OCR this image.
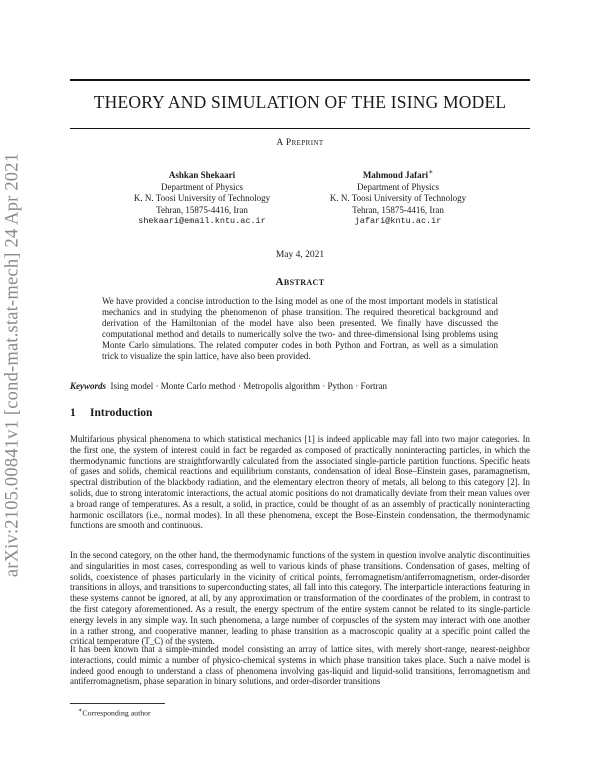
arXiv:2105.00841v1 [cond-mat.stat-mech] 24 Apr 2021
THEORY AND SIMULATION OF THE ISING MODEL
A Preprint
Ashkan Shekaari
Department of Physics
K. N. Toosi University of Technology
Tehran, 15875-4416, Iran
shekaari@email.kntu.ac.ir
Mahmoud Jafari∗
Department of Physics
K. N. Toosi University of Technology
Tehran, 15875-4416, Iran
jafari@kntu.ac.ir
May 4, 2021
Abstract

We have provided a concise introduction to the Ising model as one of the most important models in statistical mechanics and in studying the phenomenon of phase transition. The required theoretical background and derivation of the Hamiltonian of the model have also been presented. We finally have discussed the computational method and details to numerically solve the two- and three-dimensional Ising problems using Monte Carlo simulations. The related computer codes in both Python and Fortran, as well as a simulation trick to visualize the spin lattice, have also been provided.

Keywords Ising model · Monte Carlo method · Metropolis algorithm · Python · Fortran

1 Introduction

Multifarious physical phenomena to which statistical mechanics [1] is indeed applicable may fall into two major categories. In the first one, the system of interest could in fact be regarded as composed of practically noninteracting particles, in which the thermodynamic functions are straightforwardly calculated from the associated single-particle partition functions. Specific heats of gases and solids, chemical reactions and equilibrium constants, condensation of ideal Bose–Einstein gases, paramagnetism, spectral distribution of the blackbody radiation, and the elementary electron theory of metals, all belong to this category [2]. In solids, due to strong interatomic interactions, the actual atomic positions do not dramatically deviate from their mean values over a broad range of temperatures. As a result, a solid, in practice, could be thought of as an assembly of practically noninteracting harmonic oscillators (i.e., normal modes). In all these phenomena, except the Bose-Einstein condensation, the thermodynamic functions are smooth and continuous.

In the second category, on the other hand, the thermodynamic functions of the system in question involve analytic discontinuities and singularities in most cases, corresponding as well to various kinds of phase transitions. Condensation of gases, melting of solids, coexistence of phases particularly in the vicinity of critical points, ferromagnetism/antiferromagnetism, order-disorder transitions in alloys, and transitions to superconducting states, all fall into this category. The interparticle interactions featuring in these systems cannot be ignored, at all, by any approximation or transformation of the coordinates of the problem, in contrast to the first category aforementioned. As a result, the energy spectrum of the entire system cannot be related to its single-particle energy levels in any simple way. In such phenomena, a large number of corpuscles of the system may interact with one another in a rather strong, and cooperative manner, leading to phase transition as a macroscopic quality at a specific point called the critical temperature (T_C) of the system.

It has been known that a simple-minded model consisting an array of lattice sites, with merely short-range, nearest-neighbor interactions, could mimic a number of physico-chemical systems in which phase transition takes place. Such a naive model is indeed good enough to understand a class of phenomena involving gas-liquid and liquid-solid transitions, ferromagnetism and antiferromagnetism, phase separation in binary solutions, and order-disorder transitions

∗Corresponding author
